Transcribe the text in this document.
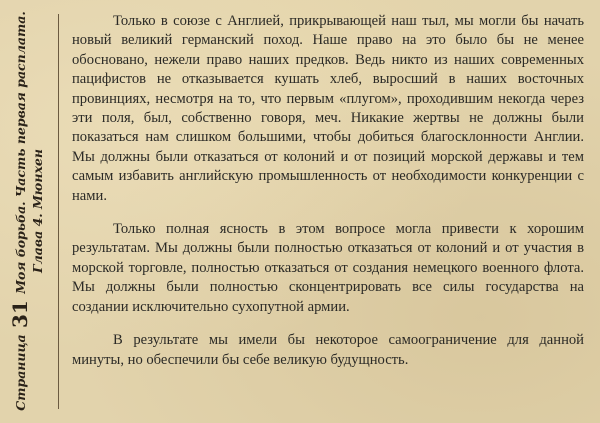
Страница 31 Моя борьба. Часть первая расплата. Глава 4. Мюнхен

Только в союзе с Англией, прикрывающей наш тыл, мы могли бы начать новый великий германский поход. Наше право на это было бы не менее обосновано, нежели право наших предков. Ведь никто из наших современных пацифистов не отказывается кушать хлеб, выросший в наших восточных провинциях, несмотря на то, что первым «плугом», проходившим некогда через эти поля, был, собственно говоря, меч. Никакие жертвы не должны были показаться нам слишком большими, чтобы добиться благосклонности Англии. Мы должны были отказаться от колоний и от позиций морской державы и тем самым избавить английскую промышленность от необходимости конкуренции с нами.

Только полная ясность в этом вопросе могла привести к хорошим результатам. Мы должны были полностью отказаться от колоний и от участия в морской торговле, полностью отказаться от создания немецкого военного флота. Мы должны были полностью сконцентрировать все силы государства на создании исключительно сухопутной армии.

В результате мы имели бы некоторое самоограничение для данной минуты, но обеспечили бы себе великую будущность.
